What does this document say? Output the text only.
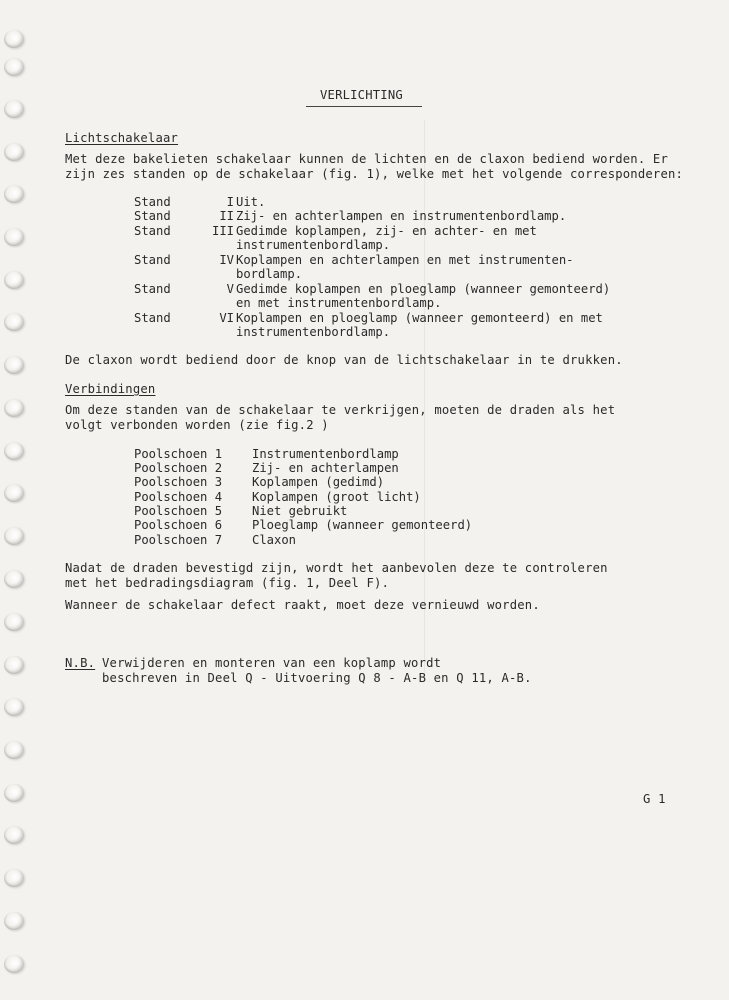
VERLICHTING
Lichtschakelaar
Met deze bakelieten schakelaar kunnen de lichten en de claxon bediend worden. Er
zijn zes standen op de schakelaar (fig. 1), welke met het volgende corresponderen:
Stand	I Uit.
Stand	II Zij- en achterlampen en instrumentenbordlamp.
Stand	III Gedimde koplampen, zij- en achter- en met
instrumentenbordlamp.
Stand	IV Koplampen en achterlampen en met instrumenten-
bordlamp.
Stand	V Gedimde koplampen en ploeglamp (wanneer gemonteerd)
en met instrumentenbordlamp.
Stand	VI Koplampen en ploeglamp (wanneer gemonteerd) en met
instrumentenbordlamp.
De claxon wordt bediend door de knop van de lichtschakelaar in te drukken.
Verbindingen
Om deze standen van de schakelaar te verkrijgen, moeten de draden als het
volgt verbonden worden (zie fig.2 )
Poolschoen 1 Instrumentenbordlamp
Poolschoen 2 Zij- en achterlampen
Poolschoen 3 Koplampen (gedimd)
Poolschoen 4 Koplampen (groot licht)
Poolschoen 5 Niet gebruikt
Poolschoen 6 Ploeglamp (wanneer gemonteerd)
Poolschoen 7 Claxon
Nadat de draden bevestigd zijn, wordt het aanbevolen deze te controleren
met het bedradingsdiagram (fig. 1, Deel F).
Wanneer de schakelaar defect raakt, moet deze vernieuwd worden.
N.B. Verwijderen en monteren van een koplamp wordt
beschreven in Deel Q - Uitvoering Q 8 - A-B en Q 11, A-B.
G 1
